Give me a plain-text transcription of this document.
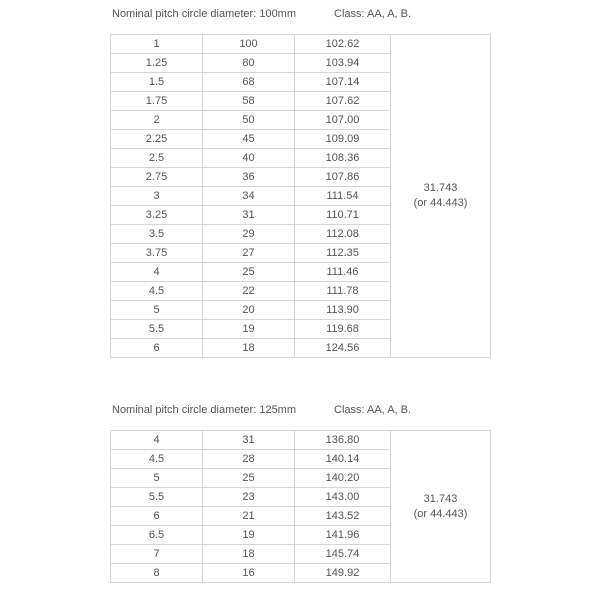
Nominal pitch circle diameter: 100mm	Class: AA, A, B.
1	100	102.62	31.743
(or 44.443)

1.25	80	103.94	
1.5	68	107.14	
1.75	58	107.62	
2	50	107.00	
2.25	45	109.09	
2.5	40	108.36	
2.75	36	107.86	
3	34	111.54	
3.25	31	110.71	
3.5	29	112.08	
3.75	27	112.35	
4	25	111.46	
4.5	22	111.78	
5	20	113.90	
5.5	19	119.68	
6	18	124.56	
Nominal pitch circle diameter: 125mm	Class: AA, A, B.
4	31	136.80	31.743
(or 44.443)

4.5	28	140.14	
5	25	140.20	
5.5	23	143.00	
6	21	143.52	
6.5	19	141.96	
7	18	145.74	
8	16	149.92	
